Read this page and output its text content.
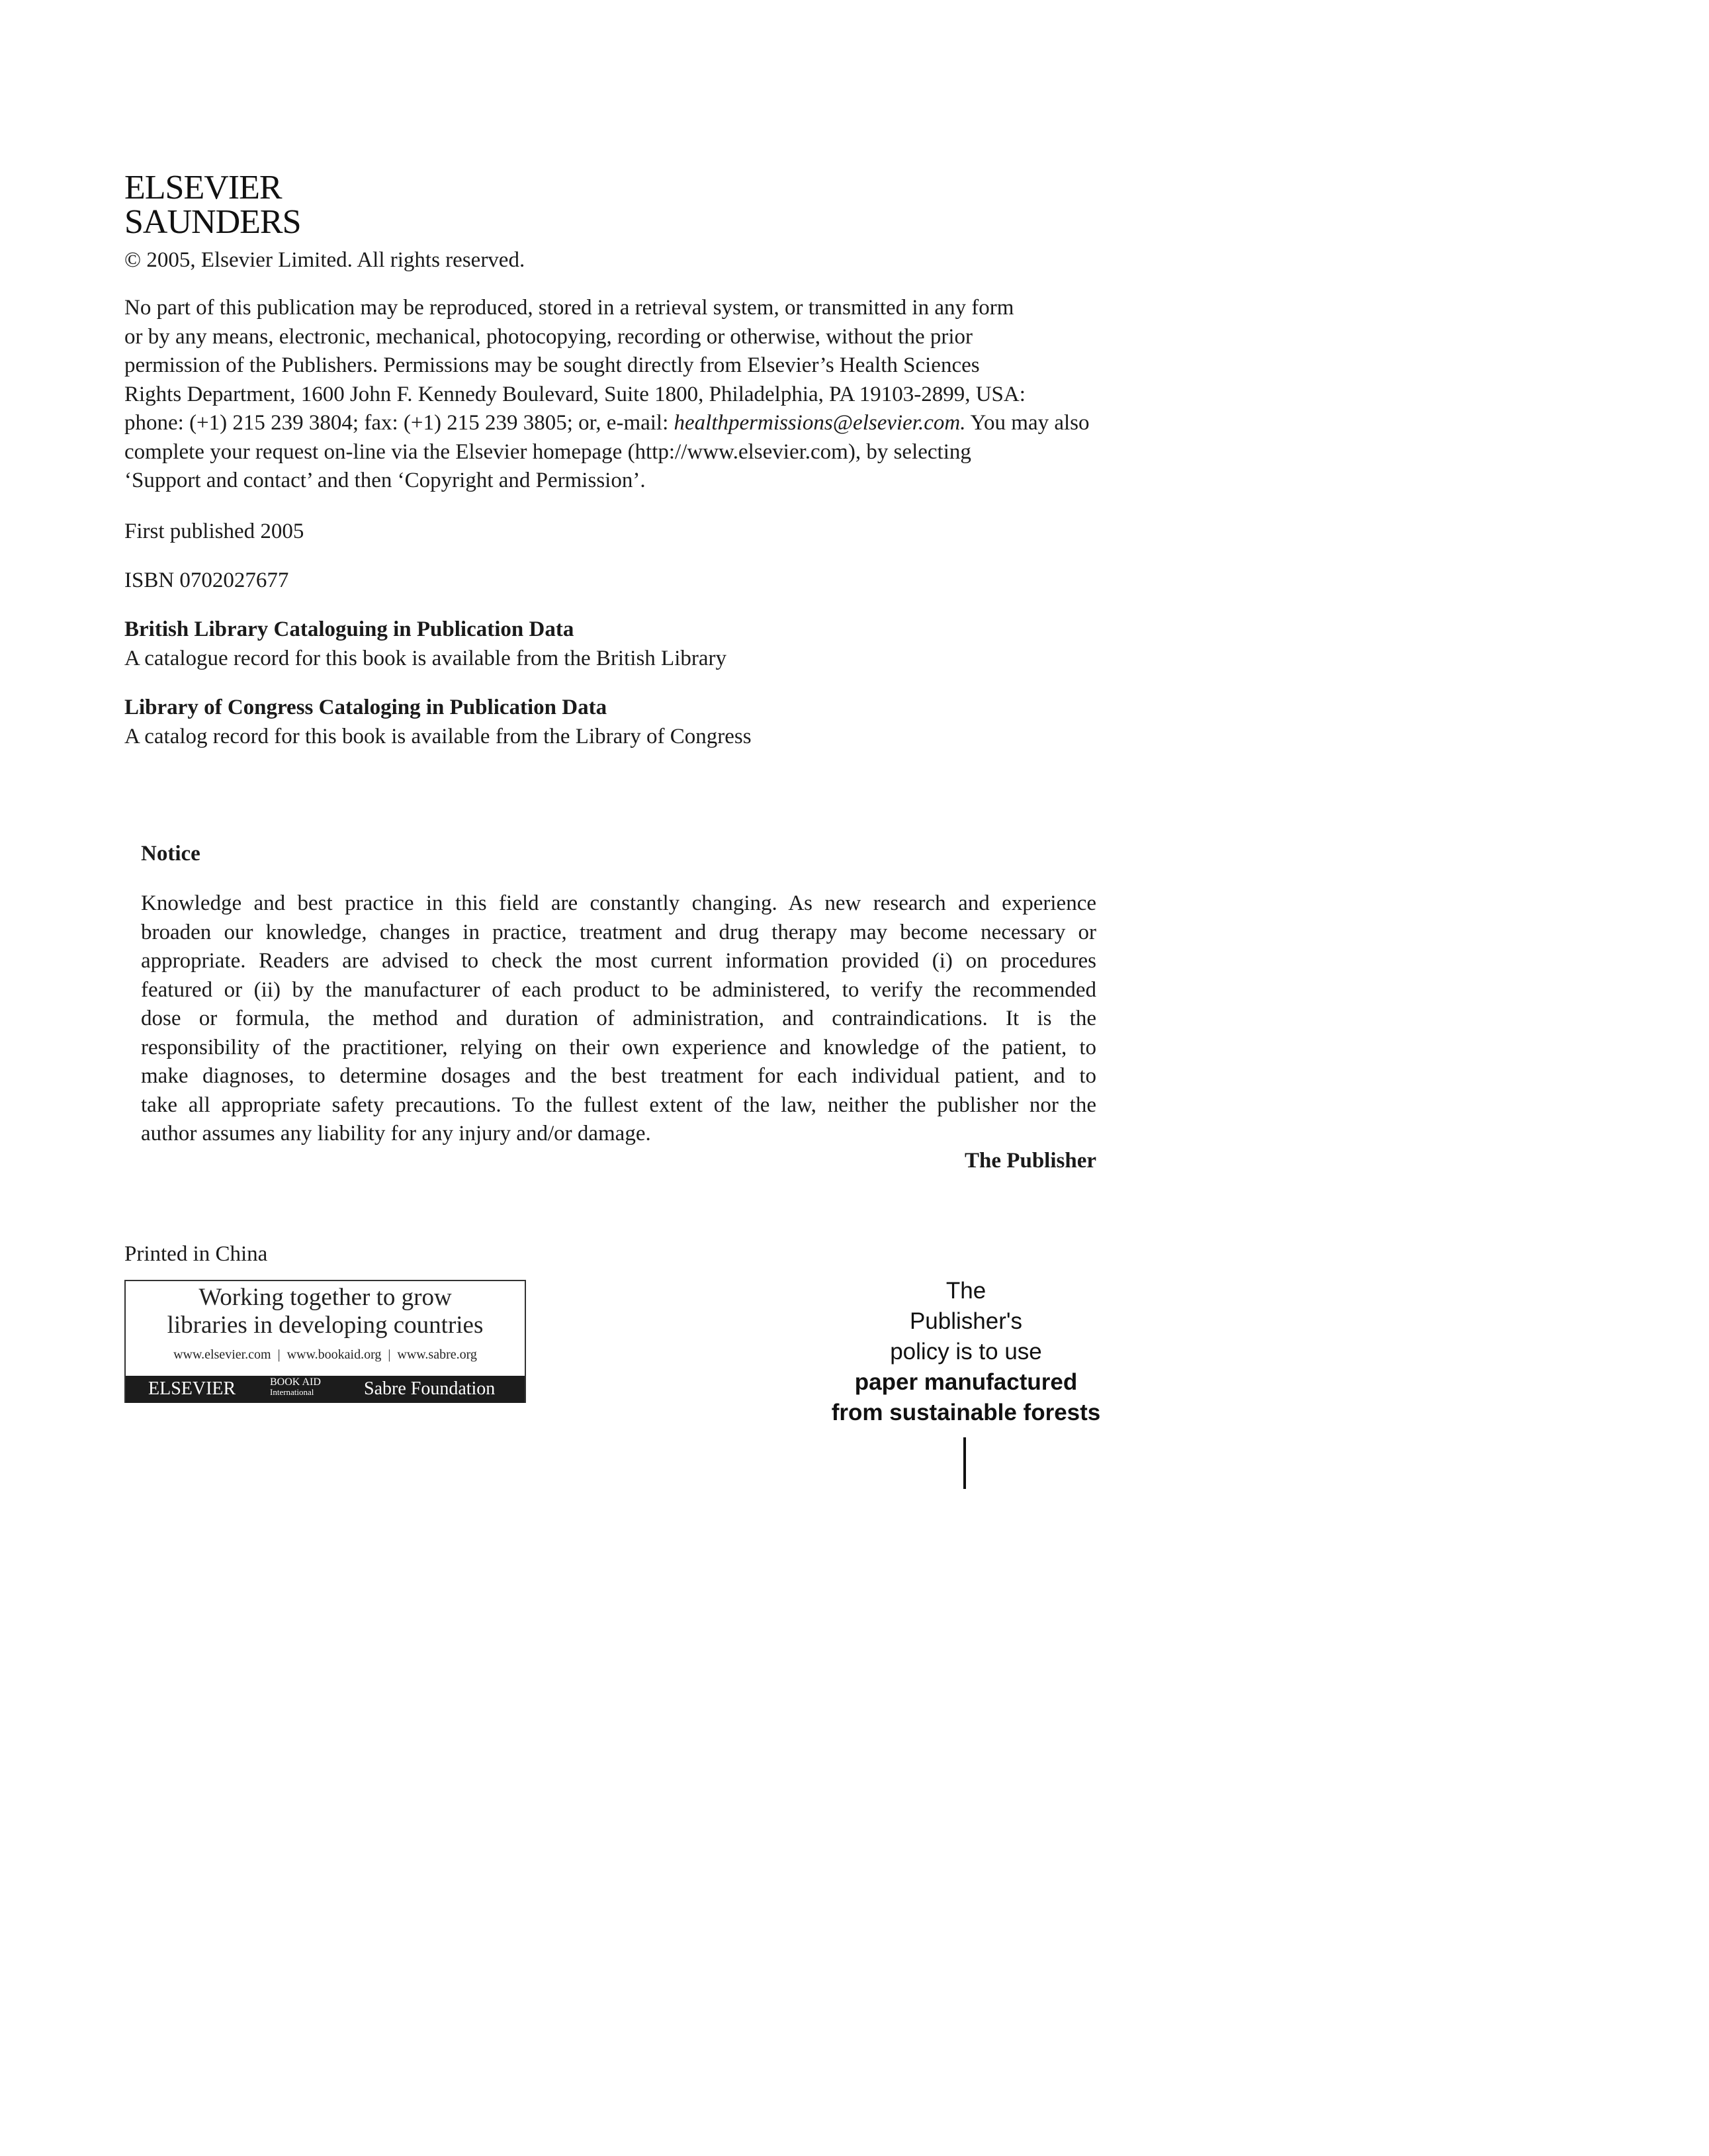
ELSEVIER
SAUNDERS
© 2005, Elsevier Limited. All rights reserved.
No part of this publication may be reproduced, stored in a retrieval system, or transmitted in any form
or by any means, electronic, mechanical, photocopying, recording or otherwise, without the prior
permission of the Publishers. Permissions may be sought directly from Elsevier’s Health Sciences
Rights Department, 1600 John F. Kennedy Boulevard, Suite 1800, Philadelphia, PA 19103-2899, USA:
phone: (+1) 215 239 3804; fax: (+1) 215 239 3805; or, e-mail: healthpermissions@elsevier.com. You may also
complete your request on-line via the Elsevier homepage (http://www.elsevier.com), by selecting
‘Support and contact’ and then ‘Copyright and Permission’.
First published 2005
ISBN 0702027677
British Library Cataloguing in Publication Data
A catalogue record for this book is available from the British Library
Library of Congress Cataloging in Publication Data
A catalog record for this book is available from the Library of Congress
Notice
Knowledge and best practice in this field are constantly changing. As new research and experience
broaden our knowledge, changes in practice, treatment and drug therapy may become necessary or
appropriate. Readers are advised to check the most current information provided (i) on procedures
featured or (ii) by the manufacturer of each product to be administered, to verify the recommended
dose or formula, the method and duration of administration, and contraindications. It is the
responsibility of the practitioner, relying on their own experience and knowledge of the patient, to
make diagnoses, to determine dosages and the best treatment for each individual patient, and to
take all appropriate safety precautions. To the fullest extent of the law, neither the publisher nor the
author assumes any liability for any injury and/or damage.
The Publisher
Printed in China
Working together to grow
libraries in developing countries
www.elsevier.com  |  www.bookaid.org  |  www.sabre.org
ELSEVIER	BOOK AID
International	Sabre Foundation
The
Publisher's
policy is to use
paper manufactured
from sustainable forests
